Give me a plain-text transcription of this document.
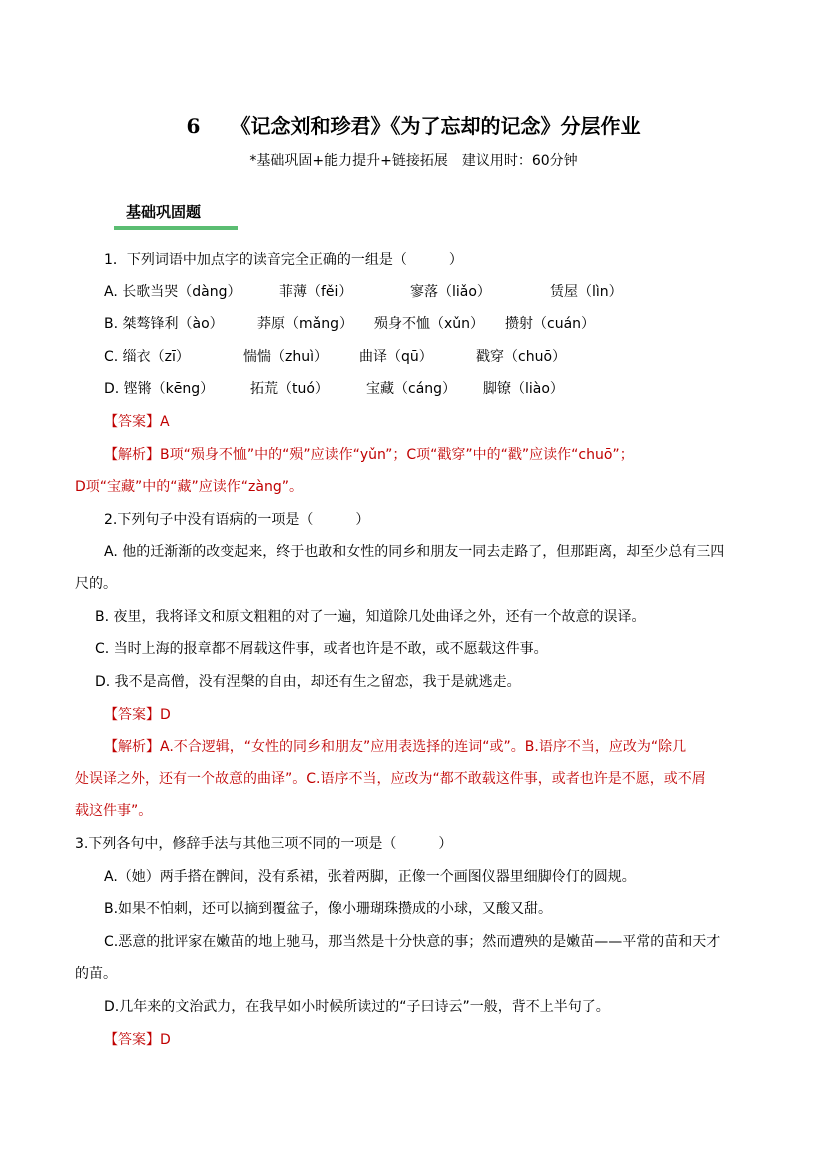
6 《记念刘和珍君》《为了忘却的记念》分层作业
*基础巩固+能力提升+链接拓展　建议用时：60分钟
基础巩固题
1．下列词语中加点字的读音完全正确的一组是（　　　）
A. 长歌当哭（dàng）	菲薄（fěi）	寥落（liǎo）	赁屋（lìn）
B. 桀骜锋利（ào） 莽原（mǎng） 殒身不恤（xǔn） 攒射（cuán）
C. 缁衣（zī）	惴惴（zhuì） 曲译（qū）	戳穿（chuō）
D. 铿锵（kēng）	拓荒（tuó）	宝藏（cáng） 脚镣（liào）
【答案】A
【解析】B项“殒身不恤”中的“殒”应读作“yǔn”；C项“戳穿”中的“戳”应读作“chuō”；
D项“宝藏”中的“藏”应读作“zàng”。
2.下列句子中没有语病的一项是（　　　）
A. 他的迁渐渐的改变起来，终于也敢和女性的同乡和朋友一同去走路了，但那距离，却至少总有三四
尺的。
B. 夜里，我将译文和原文粗粗的对了一遍，知道除几处曲译之外，还有一个故意的误译。
C. 当时上海的报章都不屑载这件事，或者也许是不敢，或不愿载这件事。
D. 我不是高僧，没有涅槃的自由，却还有生之留恋，我于是就逃走。
【答案】D
【解析】A.不合逻辑，“女性的同乡和朋友”应用表选择的连词“或”。B.语序不当，应改为“除几
处误译之外，还有一个故意的曲译”。C.语序不当，应改为“都不敢载这件事，或者也许是不愿，或不屑
载这件事”。
3.下列各句中，修辞手法与其他三项不同的一项是（　　　）
A.（她）两手搭在髀间，没有系裙，张着两脚，正像一个画图仪器里细脚伶仃的圆规。
B.如果不怕刺，还可以摘到覆盆子，像小珊瑚珠攒成的小球，又酸又甜。
C.恶意的批评家在嫩苗的地上驰马，那当然是十分快意的事；然而遭殃的是嫩苗——平常的苗和天才
的苗。
D.几年来的文治武力，在我早如小时候所读过的“子曰诗云”一般，背不上半句了。
【答案】D
